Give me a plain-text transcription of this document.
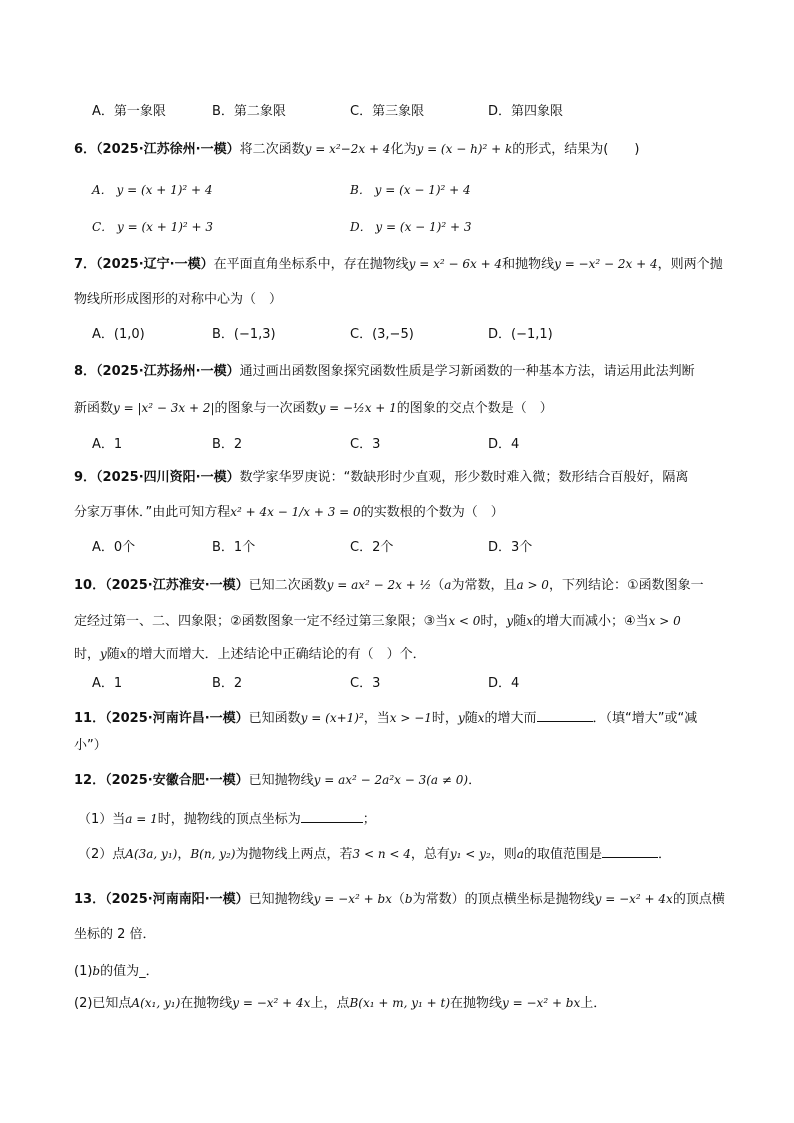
A．第一象限	B．第二象限	C．第三象限	D．第四象限
6．（2025·江苏徐州·一模）将二次函数y = x²−2x + 4化为y = (x − h)² + k的形式，结果为(　　)
A． y = (x + 1)² + 4	B． y = (x − 1)² + 4
C． y = (x + 1)² + 3	D． y = (x − 1)² + 3
7．（2025·辽宁·一模）在平面直角坐标系中，存在抛物线y = x² − 6x + 4和抛物线y = −x² − 2x + 4，则两个抛
物线所形成图形的对称中心为（　）
A．(1,0)	B．(−1,3)	C．(3,−5)	D．(−1,1)
8．（2025·江苏扬州·一模）通过画出函数图象探究函数性质是学习新函数的一种基本方法，请运用此法判断
新函数y = |x² − 3x + 2|的图象与一次函数y = −½x + 1的图象的交点个数是（　）
A．1	B．2	C．3	D．4
9．（2025·四川资阳·一模）数学家华罗庚说：“数缺形时少直观，形少数时难入微；数形结合百般好，隔离
分家万事休．”由此可知方程x² + 4x − 1/x + 3 = 0的实数根的个数为（　）
A．0个	B．1个	C．2个	D．3个
10．（2025·江苏淮安·一模）已知二次函数y = ax² − 2x + ½（a为常数，且a > 0，下列结论：①函数图象一
定经过第一、二、四象限；②函数图象一定不经过第三象限；③当x < 0时，y随x的增大而减小；④当x > 0
时，y随x的增大而增大．上述结论中正确结论的有（　）个．
A．1	B．2	C．3	D．4
11．（2025·河南许昌·一模）已知函数y = (x+1)²，当x > −1时，y随x的增大而	．（填“增大”或“减
小”）
12．（2025·安徽合肥·一模）已知抛物线y = ax² − 2a²x − 3(a ≠ 0)．
（1）当a = 1时，抛物线的顶点坐标为	；
（2）点A(3a, y₁)，B(n, y₂)为抛物线上两点，若3 < n < 4，总有y₁ < y₂，则a的取值范围是	．
13．（2025·河南南阳·一模）已知抛物线y = −x² + bx（b为常数）的顶点横坐标是抛物线y = −x² + 4x的顶点横
坐标的 2 倍．
(1)b的值为_．
(2)已知点A(x₁, y₁)在抛物线y = −x² + 4x上，点B(x₁ + m, y₁ + t)在抛物线y = −x² + bx上．
